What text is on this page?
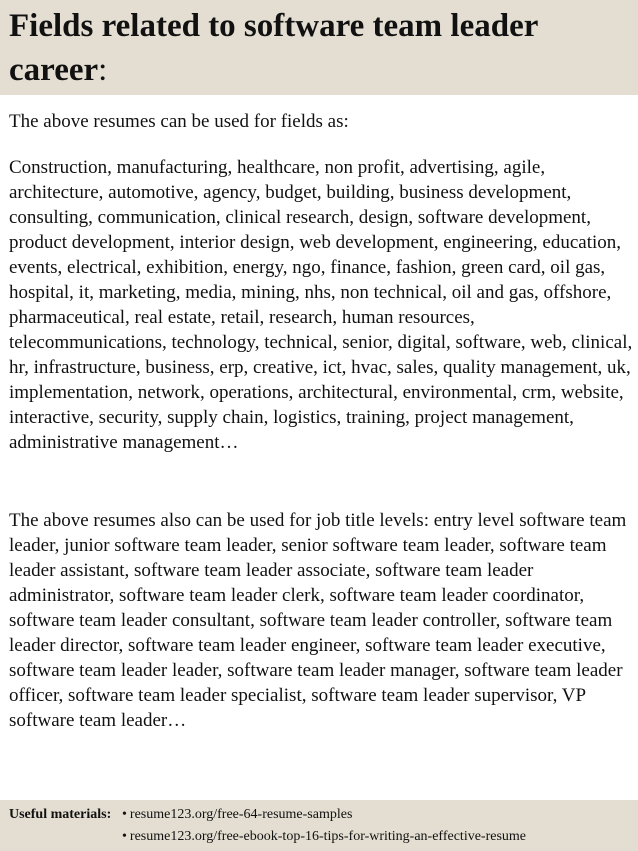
Fields related to software team leader career:

The above resumes can be used for fields as:

Construction, manufacturing, healthcare, non profit, advertising, agile, architecture, automotive, agency, budget, building, business development, consulting, communication, clinical research, design, software development, product development, interior design, web development, engineering, education, events, electrical, exhibition, energy, ngo, finance, fashion, green card, oil gas, hospital, it, marketing, media, mining, nhs, non technical, oil and gas, offshore, pharmaceutical, real estate, retail, research, human resources, telecommunications, technology, technical, senior, digital, software, web, clinical, hr, infrastructure, business, erp, creative, ict, hvac, sales, quality management, uk, implementation, network, operations, architectural, environmental, crm, website, interactive, security, supply chain, logistics, training, project management, administrative management…

The above resumes also can be used for job title levels: entry level software team leader, junior software team leader, senior software team leader, software team leader assistant, software team leader associate, software team leader administrator, software team leader clerk, software team leader coordinator, software team leader consultant, software team leader controller, software team leader director, software team leader engineer, software team leader executive, software team leader leader, software team leader manager, software team leader officer, software team leader specialist, software team leader supervisor, VP software team leader…

Useful materials: • resume123.org/free-64-resume-samples
• resume123.org/free-ebook-top-16-tips-for-writing-an-effective-resume
